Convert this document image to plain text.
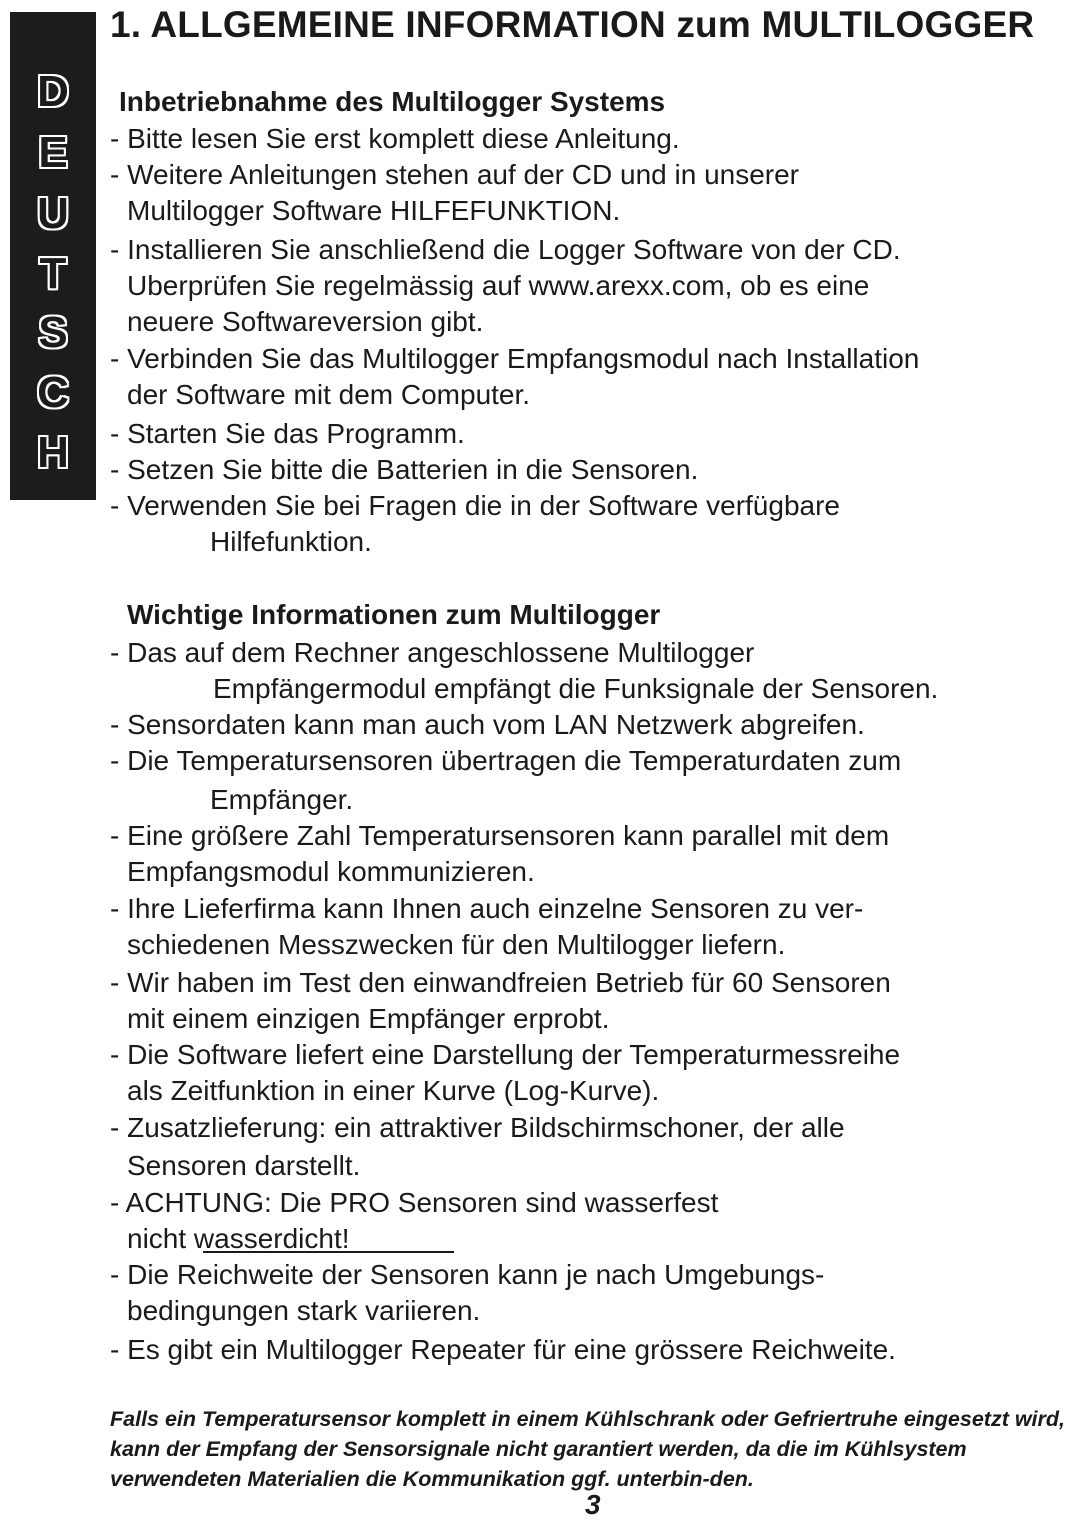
D
E
U
T
S
C
H
1. ALLGEMEINE INFORMATION zum MULTILOGGER
Inbetriebnahme des Multilogger Systems
- Bitte lesen Sie erst komplett diese Anleitung.
- Weitere Anleitungen stehen auf der CD und in unserer
Multilogger Software HILFEFUNKTION.
- Installieren Sie anschließend die Logger Software von der CD.
Uberprüfen Sie regelmässig auf www.arexx.com, ob es eine
neuere Softwareversion gibt.
- Verbinden Sie das Multilogger Empfangsmodul nach Installation
der Software mit dem Computer.
- Starten Sie das Programm.
- Setzen Sie bitte die Batterien in die Sensoren.
- Verwenden Sie bei Fragen die in der Software verfügbare
Hilfefunktion.
Wichtige Informationen zum Multilogger
- Das auf dem Rechner angeschlossene Multilogger
Empfängermodul empfängt die Funksignale der Sensoren.
- Sensordaten kann man auch vom LAN Netzwerk abgreifen.
- Die Temperatursensoren übertragen die Temperaturdaten zum
Empfänger.
- Eine größere Zahl Temperatursensoren kann parallel mit dem
Empfangsmodul kommunizieren.
- Ihre Lieferfirma kann Ihnen auch einzelne Sensoren zu ver-
schiedenen Messzwecken für den Multilogger liefern.
- Wir haben im Test den einwandfreien Betrieb für 60 Sensoren
mit einem einzigen Empfänger erprobt.
- Die Software liefert eine Darstellung der Temperaturmessreihe
als Zeitfunktion in einer Kurve (Log-Kurve).
- Zusatzlieferung: ein attraktiver Bildschirmschoner, der alle
Sensoren darstellt.
- ACHTUNG: Die PRO Sensoren sind wasserfest
nicht wasserdicht!
- Die Reichweite der Sensoren kann je nach Umgebungs-
bedingungen stark variieren.
- Es gibt ein Multilogger Repeater für eine grössere Reichweite.
Falls ein Temperatursensor komplett in einem Kühlschrank oder Gefriertruhe eingesetzt wird, kann der Empfang der Sensorsignale nicht garantiert werden, da die im Kühlsystem verwendeten Materialien die Kommunikation ggf. unterbin-den.
3
